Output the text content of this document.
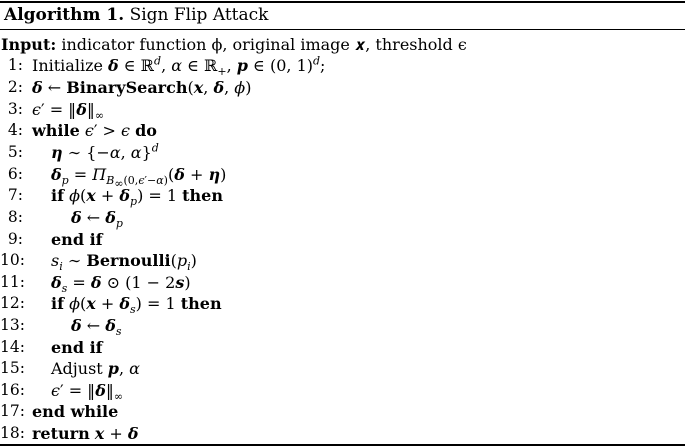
Algorithm 1. Sign Flip Attack
Input: indicator function ϕ, original image 𝒙, threshold ϵ
1: Initialize δ ∈ ℝ$^d$, α ∈ ℝ$_+$, p ∈ (0, 1)$^d$;
2: δ ← BinarySearch(x, δ, ϕ)
3: $\epsilon' = ‖\delta‖_\infty$
4: while ϵ′ > ϵ do
5: η ∼ {−α, α}$^d$
6: $\delta_p = \Pi_{B_\infty(0,\epsilon'-\alpha)}(\delta + \eta)$
7: if $\phi(x + \delta_p) = 1$ then
8:	δ ← $\delta_p$
9: end if
10: $s_i$ ∼ $Bernoulli(p_i)$
11: $\delta_s = \delta$ ⊙ (1 − 2s)
12: if $\phi(x + \delta_s) = 1$ then
13:	δ ← $\delta_s$
14: end if
15: Adjust p, α
16: $\epsilon' = ‖\delta‖_\infty$
17: end while
18: return x + δ
